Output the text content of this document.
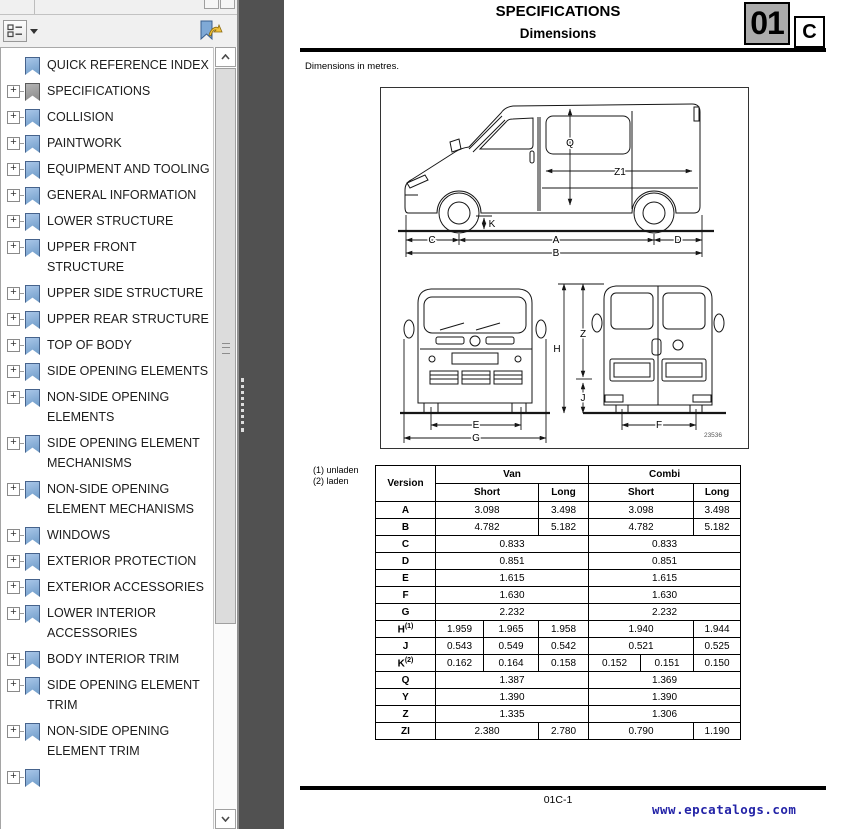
QUICK REFERENCE INDEX
+ SPECIFICATIONS
+ COLLISION
+ PAINTWORK
+ EQUIPMENT AND TOOLING
+ GENERAL INFORMATION
+ LOWER STRUCTURE
+ UPPER FRONT STRUCTURE
+ UPPER SIDE STRUCTURE
+ UPPER REAR STRUCTURE
+ TOP OF BODY
+ SIDE OPENING ELEMENTS
+ NON-SIDE OPENING ELEMENTS
+ SIDE OPENING ELEMENT MECHANISMS
+ NON-SIDE OPENING ELEMENT MECHANISMS
+ WINDOWS
+ EXTERIOR PROTECTION
+ EXTERIOR ACCESSORIES
+ LOWER INTERIOR ACCESSORIES
+ BODY INTERIOR TRIM
+ SIDE OPENING ELEMENT TRIM
+ NON-SIDE OPENING ELEMENT TRIM
+
SPECIFICATIONS
Dimensions	01 C
Dimensions in metres.
Q
Z1
K
C	A	D
B
E
G
H
Z
J
F
23536
(1) unladen
(2) laden	Version	Van			Combi		
	Short		Long	Short		Long
A	3.098		3.498	3.098		3.498
B	4.782		5.182	4.782		5.182
C	0.833			0.833		
D	0.851			0.851		
E	1.615			1.615		
F	1.630			1.630		
G	2.232			2.232		
$H^{(1)}$	1.959	1.965	1.958	1.940		1.944
J	0.543	0.549	0.542	0.521		0.525
$K^{(2)}$	0.162	0.164	0.158	0.152	0.151	0.150
Q	1.387			1.369		
Y	1.390			1.390		
Z	1.335			1.306		
ZI	2.380		2.780	0.790		1.190
01C-1
www.epcatalogs.com
